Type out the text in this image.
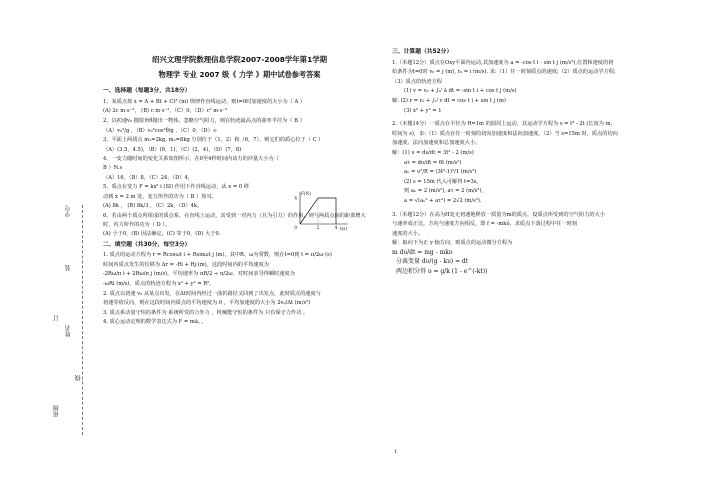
学号
装
订
姓名
线
班级
绍兴文理学院数理信息学院2007-2008学年第1学期
物理学 专业 2007 级《 力学 》期中试卷参考答案
一、选择题（每题3分，共18分）

1、某质点按 x = A + Bt + Ct³ (m) 规律作直线运动，则t=0时加速度的大小为（ A ）

(A) 2c m·s⁻²， (B) c m·s⁻²，（C）0，（D）c² m·s⁻²

2、以初速v₀ 抛射角θ抛出一物体，忽略空气阻力，则在轨迹最高点的曲率半径为（ B ）

（A）v₀²/g ，（B）v₀²cos²θ/g ，（C）0，（D）∞

3、平面上两质点 m₁=2kg, m₂=8kg 分别位于（1，2）和（6，7），则它们的质心位于（ C ）

（A）(3.5，4.5)，（B）(0，1)，（C）(2，4)，（D）(7，8)

4、一变力随时间的变化关系如图所示，在0至4秒时间内该力的冲量大小为（ B ）N.s

（A）16，（B）8，（C）24，（D）4，

5、质点在变力 F = kx² i (SI) 作用下作直线运动，从 x = 0 移

动到 x = 2 m 处，变力所作的功为（ B ）焦耳。

(A) 8k ， (B) 8k/3 ，（C）2k，（D）4k。

6、若由两个质点所组成的质点系，在直线上运动，其受到一对内力（且为引力）的作用，则与两质点间的距离增大时，内力所作的功为（ D ）。

(A) 小于0，(B) 因法确定，(C) 等于0，(D) 大于0.

二、填空题（共30分，每空3分）

1. 质点的运动方程为 r = Rcosωt i + Rsinωt j (m)，其中R、ω为常数，则在t=0到 t = π/2ω (s)

时间内质点发生的位移为 Δr = -Ri + Rj (m)，这段时间内的平均速度为

-2Rω/π i + 2Rω/π j (m/s)，平均速率为 πR/2 ÷ π/2ω，对时间求导得瞬时速度为

-ωRi (m/s)，质点的轨迹方程为 x² + y² = R²。

2. 质点以初速 v₀ 从某点出发，在Δt时间内经过一曲折路径又回到了出发点，此时质点的速度与

初速等值反向，则在这段时间内质点的平均速度为 0 ，平均加速度的大小为 2v₀/Δt (m/s²)

3. 质点系动量守恒的条件为 系统所受的合外力 ，机械能守恒的条件为 只有保守力作功 。

4. 质心运动定理的数学表达式为 F = mā꜀ 。

F(N)
t(s)
4
2	4
0
三、计算题（共52分）

1.（本题12分）质点在Oxy平面内运动,其加速度为 a = -cos t i - sin t j (m/s²),位置和速度的初

始条件为t=0时 v₀ = j (m), r₀ = i (m/s). 求:（1）任一时刻质点的速度;（2）质点的运动学方程;

（3）质点的轨迹方程

(1) v = v₀ + ∫₀ᵗ ā dt = -sin t i + cos t j (m/s)

解: (2) r = r₀ + ∫₀ᵗ v dt = cos t i + sin t j (m)

(3) x² + y² = 1

2.（本题14分）一质点在半径为 R=1m 的圆周上运动，其运动学方程为 s = t³ - 2t (长度为 m，

时间为 s)，求:（1）质点在任一时刻的切向加速度和法向加速度，（2）当 s=15m 时，质点的切向

加速度、法向加速度和总加速度大小。

解：(1) υ = ds/dt = 3t² - 2 (m/s)

aτ = dυ/dt = 6t (m/s²)

aₙ = υ²/R = (3t²-1)²/1 (m/s²)

(2) s = 15m 代入可解得 t=3s,

则 aₙ = 2 (m/s²), aτ = 2 (m/s²),

a = √(aₙ² + aτ²) = 2√2 (m/s²).

3.（本题12分）在高为H处无初速地释放一质量为m的质点，设质点所受到的空气阻力的大小

与速率成正比，方向与速度方向相反，即 f = -mkῡ。求质点下落过程中任一时刻

速度的大小。

解：取向下为正 y 轴方向，则质点的运动微分方程为

m dυ/dt = mg - mkυ

分离变量 dυ/(g - kυ) = dt

两边积分得 υ = g/k (1 - e^(-kt))

1
